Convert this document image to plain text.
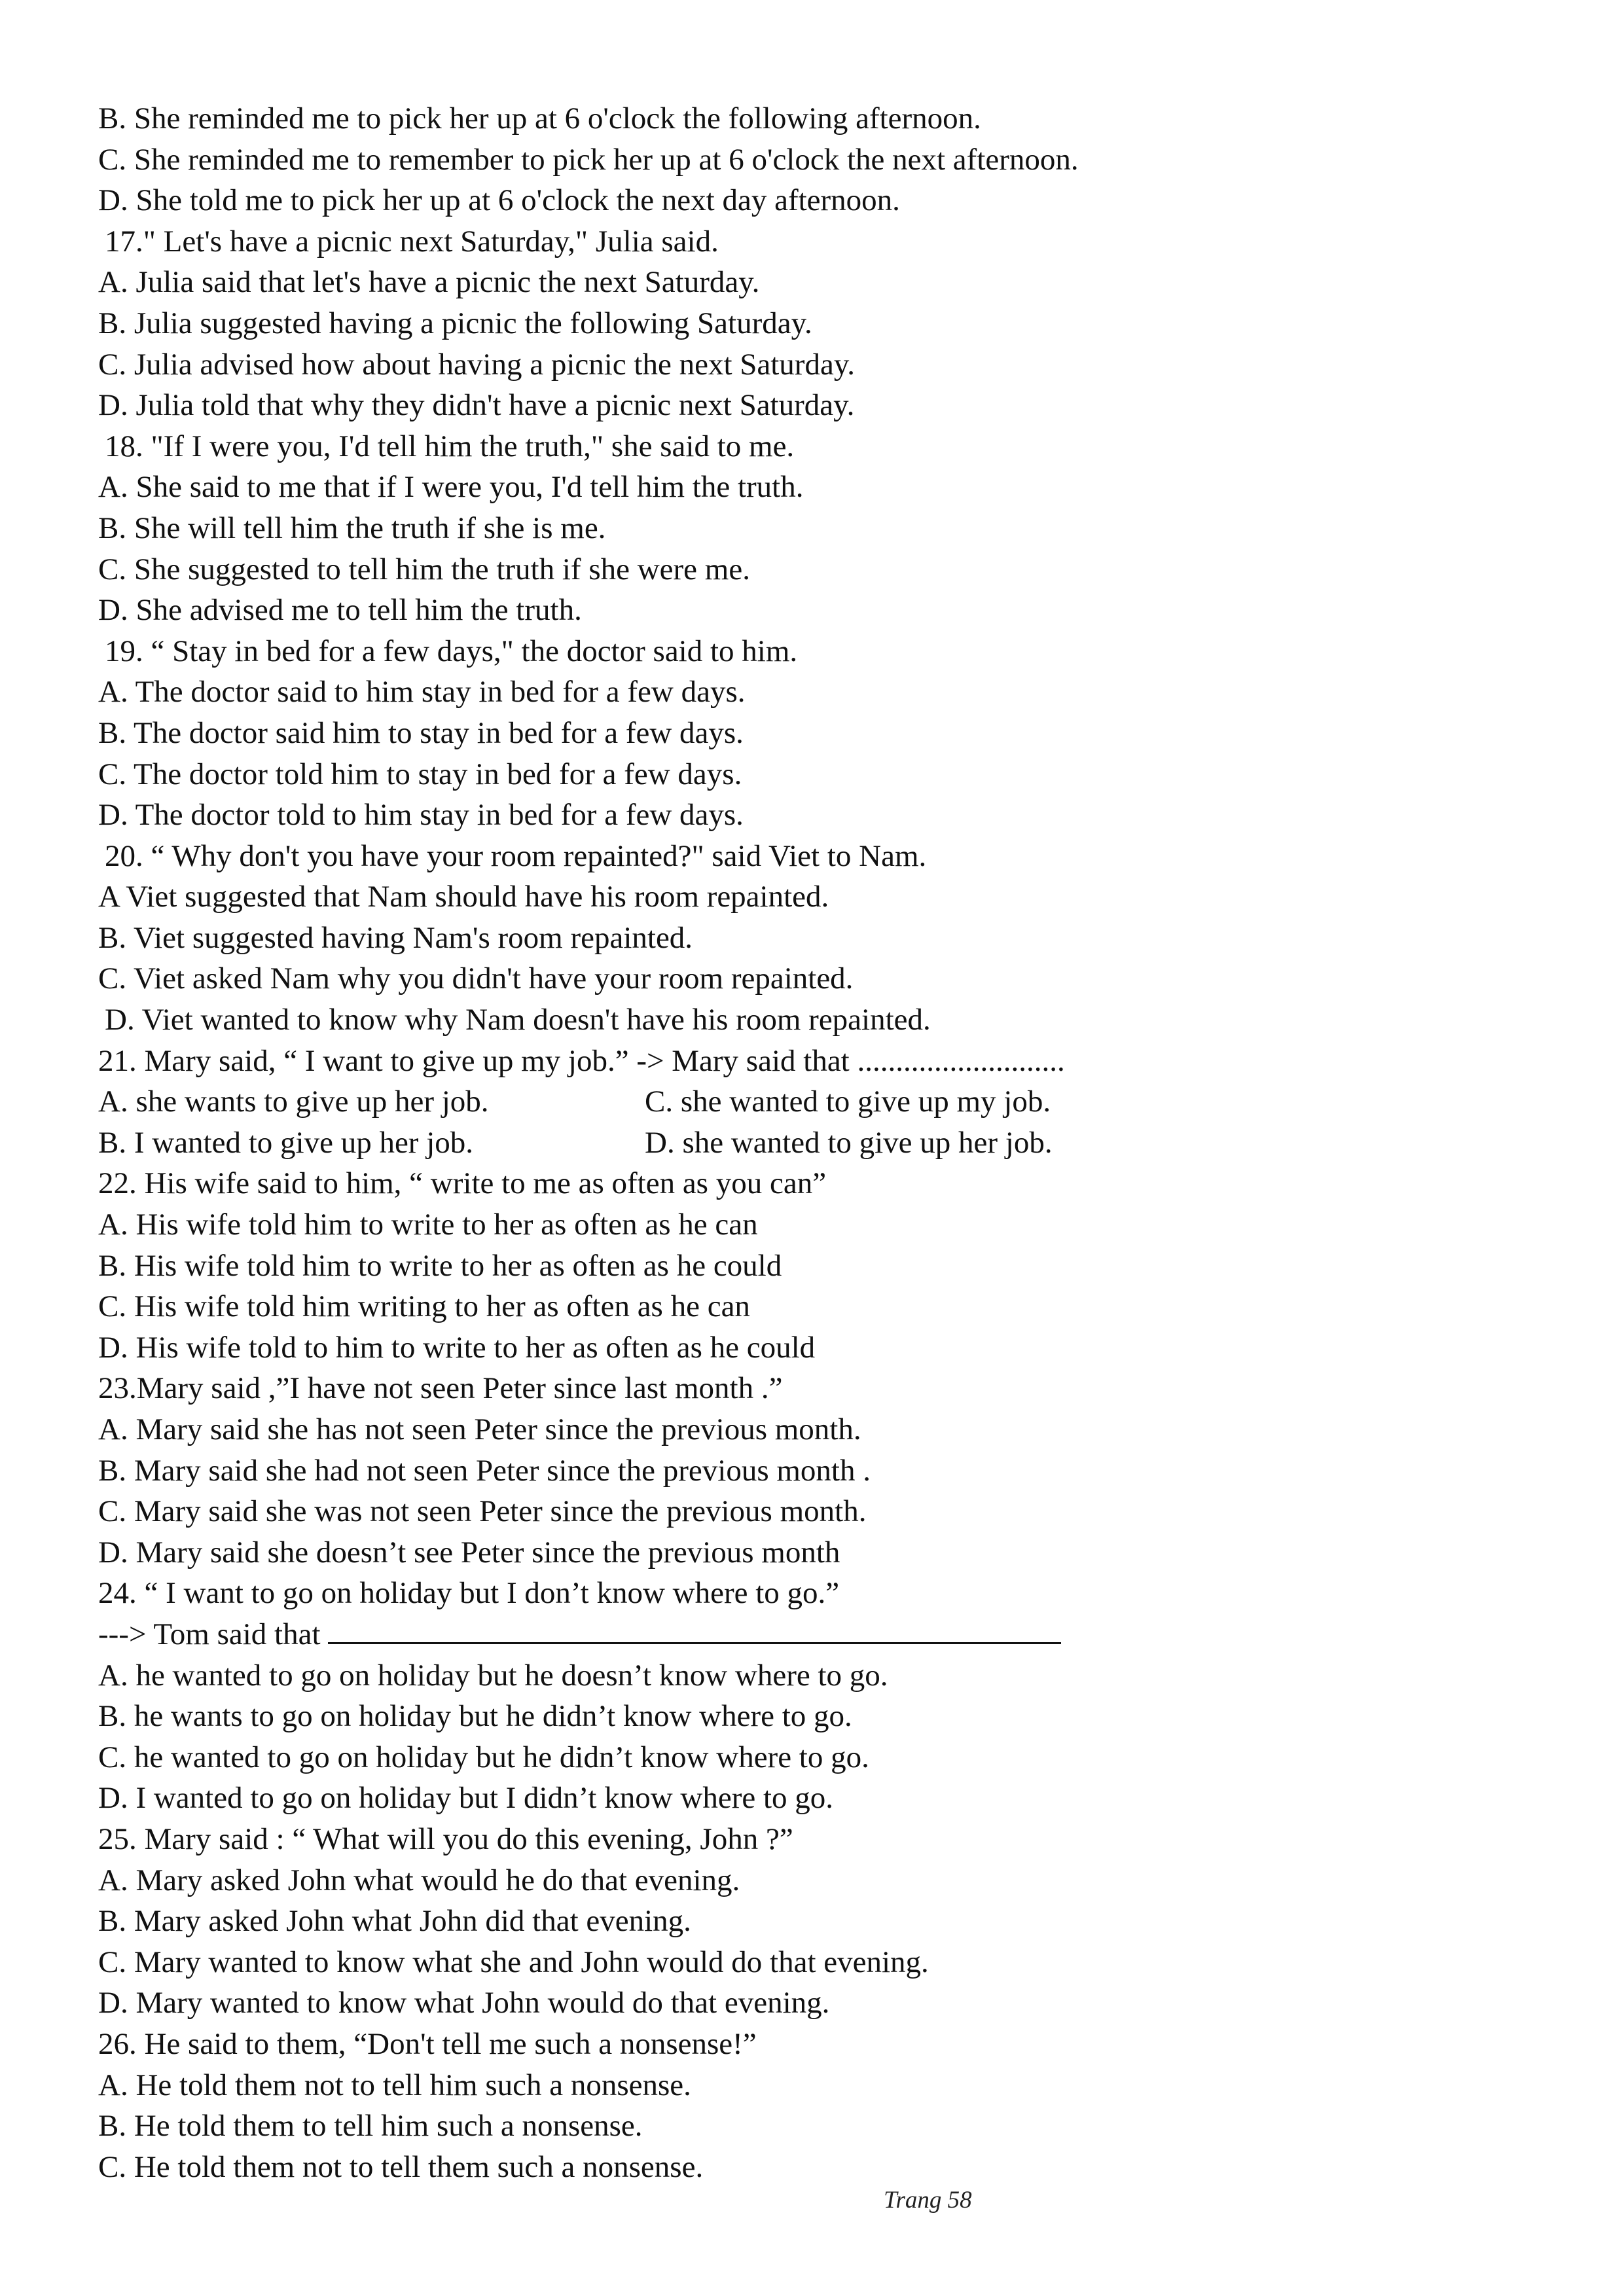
B. She reminded me to pick her up at 6 o'clock the following afternoon.
C. She reminded me to remember to pick her up at 6 o'clock the next afternoon.
D. She told me to pick her up at 6 o'clock the next day afternoon.
17." Let's have a picnic next Saturday," Julia said.
A. Julia said that let's have a picnic the next Saturday.
B. Julia suggested having a picnic the following Saturday.
C. Julia advised how about having a picnic the next Saturday.
D. Julia told that why they didn't have a picnic next Saturday.
18. "If I were you, I'd tell him the truth," she said to me.
A. She said to me that if I were you, I'd tell him the truth.
B. She will tell him the truth if she is me.
C. She suggested to tell him the truth if she were me.
D. She advised me to tell him the truth.
19. “ Stay in bed for a few days," the doctor said to him.
A. The doctor said to him stay in bed for a few days.
B. The doctor said him to stay in bed for a few days.
C. The doctor told him to stay in bed for a few days.
D. The doctor told to him stay in bed for a few days.
20. “ Why don't you have your room repainted?" said Viet to Nam.
A Viet suggested that Nam should have his room repainted.
B. Viet suggested having Nam's room repainted.
C. Viet asked Nam why you didn't have your room repainted.
D. Viet wanted to know why Nam doesn't have his room repainted.
21. Mary said, “ I want to give up my job.” -> Mary said that ...........................
A. she wants to give up her job.	C. she wanted to give up my job.
B. I wanted to give up her job.	D. she wanted to give up her job.
22. His wife said to him, “ write to me as often as you can”
A. His wife told him to write to her as often as he can
B. His wife told him to write to her as often as he could
C. His wife told him writing to her as often as he can
D. His wife told to him to write to her as often as he could
23.Mary said ,”I have not seen Peter since last month .”
A. Mary said she has not seen Peter since the previous month.
B. Mary said she had not seen Peter since the previous month .
C. Mary said she was not seen Peter since the previous month.
D. Mary said she doesn’t see Peter since the previous month
24. “ I want to go on holiday but I don’t know where to go.”
---> Tom said that
A. he wanted to go on holiday but he doesn’t know where to go.
B. he wants to go on holiday but he didn’t know where to go.
C. he wanted to go on holiday but he didn’t know where to go.
D. I wanted to go on holiday but I didn’t know where to go.
25. Mary said : “ What will you do this evening, John ?”
A. Mary asked John what would he do that evening.
B. Mary asked John what John did that evening.
C. Mary wanted to know what she and John would do that evening.
D. Mary wanted to know what John would do that evening.
26. He said to them, “Don't tell me such a nonsense!”
A. He told them not to tell him such a nonsense.
B. He told them to tell him such a nonsense.
C. He told them not to tell them such a nonsense.
Trang 58
